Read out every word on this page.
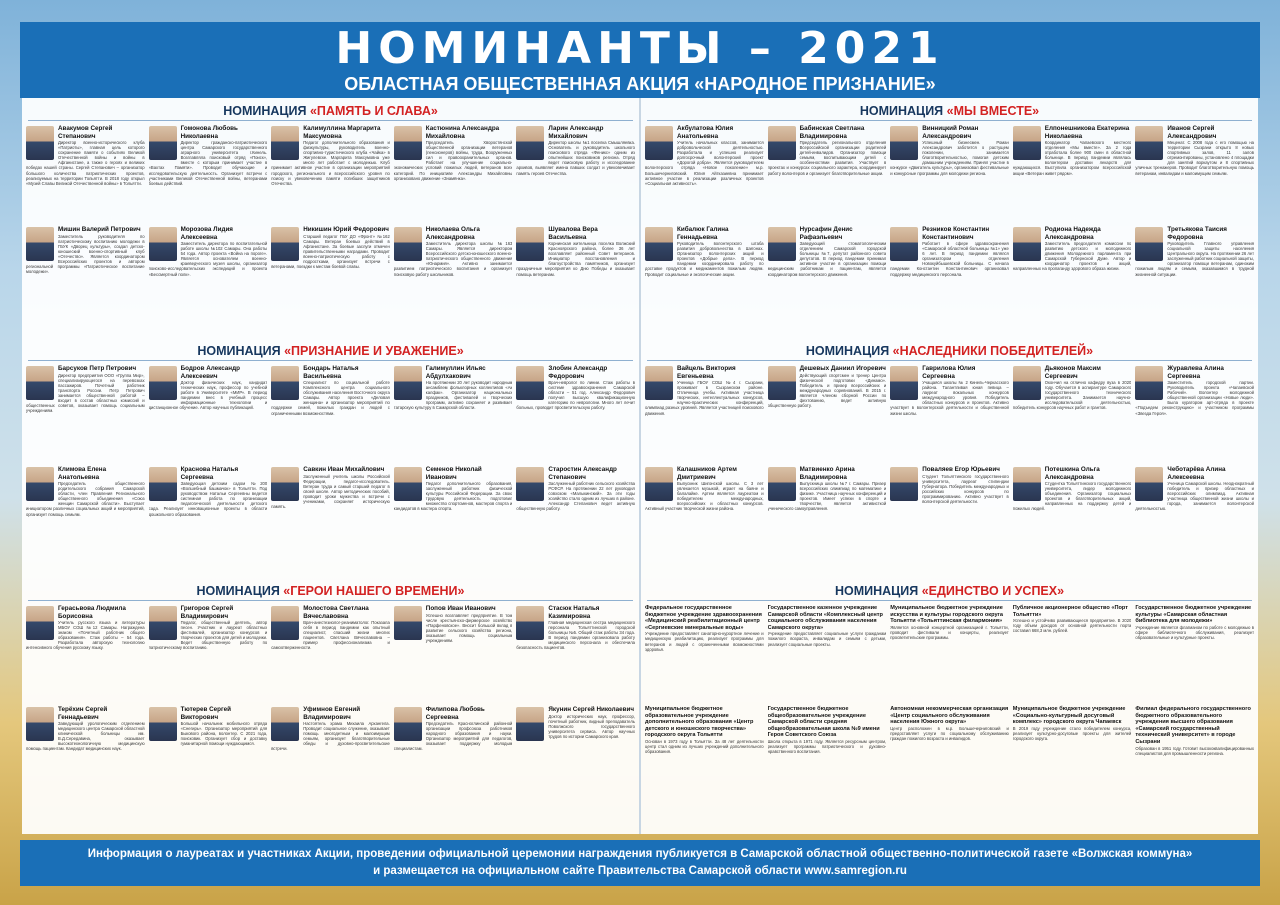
НОМИНАНТЫ – 2021
ОБЛАСТНАЯ ОБЩЕСТВЕННАЯ АКЦИЯ «НАРОДНОЕ ПРИЗНАНИЕ»
НОМИНАЦИЯ «ПАМЯТЬ И СЛАВА»
Авакумов Сергей Степанович
Директор военно-исторического клуба «Патриоты», главная цель которого сохранение памяти о событиях Великой Отечественной войны и войны в Афганистане, а также о героях и великих победах нашей страны. Сергей Степанович – организатор большого количества патриотических проектов, реализуемых на территории Тольятти. В 2018 году открыл «Музей Славы Великой Отечественной войны» в Тольятти.
Гомонова Любовь Николаевна
Директор гражданско-патриотического центра Самарского государственного аграрного университета г.Кинель. Возглавляла поисковый отряд «Поиск», вместе с которым принимает участие в «Вахтах Памяти». Проводит обучающие и исследовательскую деятельность. Организует встречи с участниками Великой Отечественной войны, ветеранами боевых действий.
Калимуллина Маргарита Максумовна
Педагог дополнительного образования и физкультуры, руководитель военно-спортивно-туристического клуба «Чайка» в Жигулевске. Маргарита Максумовна уже много лет работает с молодежью. Клуб принимает активное участие в организации мероприятий городского, регионального и всероссийского уровня по поиску и увековечению памяти погибших защитников Отечества.
Кастюнина Александра Михайловна
Председатель Хворостянской общественной организации ветеранов (пенсионеров) войны, труда, Вооруженных сил и правоохранительных органов. Работает на улучшение социально-экономических условий пожилых людей, ветеранов всех категорий. По инициативе Александры Михайловны организовано движение «Знамёнка».
Ларин Александр Михайлович
Директор школы №1 поселка Смышляевка. Основатель и руководитель школьного поискового отряда «Феникс» одним из опытнейших поисковиков региона. Отряд ведет поисковую работу и исследование архивов, выявляет имена павших солдат и увековечивает память героев Отечества.
НОМИНАЦИЯ «МЫ ВМЕСТЕ»
Акбулатова Юлия Анатольевна
Учитель начальных классов, занимается добровольческой деятельностью. Разработала и успешно реализует долгосрочный волонтерский проект «Дорогой добра». Является руководителем волонтерского отряда «Новое поколение» м.р. Большечерниговский. Юлия Айтказиевна принимает активное участие в реализации различных проектов «Социальная активность».
Бабинская Светлана Владимировна
Председатель регионального отделения Всероссийской организации родителей детей-инвалидов. Организатор помощи семьям, воспитывающим детей с особенностями развития. Участвует в проектах и конкурсах социального характера, координирует работу волонтеров и организует благотворительные акции.
Винницкий Роман Александрович
Успешный бизнесмен. Роман Александрович заботится о растущем поколении, занимается благотворительностью, помогая детским домашним учреждениям. Принял участие в конкурсе «Двигатель культуры», организовал фестивальные и конкурсные программы для молодежи региона.
Елпонешникова Екатерина Николаевна
Координатор Чапаевского местного отделения «Мы вместе». За 2 года отработала более 900 смен в областной больнице. В период пандемии являлась волонтером доставки лекарств для нуждающихся. Выступила организатором всероссийской акции «Ветеран живет рядом».
Иванов Сергей Александрович
Меценат. С 2008 года с его помощью на территории Сызрани открыто 8 новых спортивных залов, 11 залов отремонтированы, установлено 4 площадки для занятий воркаутом и 8 спортивных уличных тренажеров. Проводит благотворительную помощь ветеранам, инвалидам и малоимущим семьям.
Мишин Валерий Петрович
Заместитель руководителя по патриотическому воспитанию молодежи в ГБУК «Дворец культуры», создал детско-юношеский военно-спортивный клуб «Отечество». Является координатором Всероссийских проектов и автором региональной программы «Патриотическое воспитание молодежи».
Морозова Лидия Алексеевна
Заместитель директора по воспитательной работе школы №102 Самары. Она работы 54 года. Автор проекта «Война на пороге». Является основателем военно-краеведческого музея школы, организатор поисково-исследовательских экспедиций и проекта «Бессмертный полк».
Никишин Юрий Федорович
Старший педагог ГБУ ДО «Фронт» №162 Самары. Ветеран боевых действий в Афганистане. За боевые заслуги отмечен правительственными наградами. Проводит военно-патриотическую работу с подростками, организует встречи с ветеранами, поездки к местам боевой славы.
Николаева Ольга Александровна
Заместитель директора школы №163 Самары. Является директором Всероссийского детско-юношеского военно-патриотического общественного движения «Юнармия». Активно занимается развитием патриотического воспитания и организует поисковую работу школьников.
Шувалова Вера Васильевна
Корнинская жительница поселка Волжский Красноярского района, более 36 лет возглавляет районный Совет ветеранов. Инициатор восстановления и благоустройства памятников, организует праздничные мероприятия ко Дню Победы и оказывает помощь ветеранам.
Кибалюк Галина Геннадьевна
Руководитель волонтерского штаба развития добровольчества в Шигонах. Организатор волонтерских акций и проектов «Добрые дела». В период пандемии координировала работу по доставке продуктов и медикаментов пожилым людям. Проводит социальные и экологические акции.
Нурсафин Денис Рафаэльевич
Заведующий стоматологическим отделением Самарской городской больницы №7, депутат районного совета депутатов. В период пандемии принимал активное участие в организации помощи медицинским работникам и пациентам, является координатором волонтерского движения.
Резников Константин Константинович
Работает в сфере здравоохранения «Самарской областной больницы №1» уже 6 лет. В период пандемии являлся организатором отделения Новокуйбышевской больницы. С начала пандемии Константин Константинович организовал поддержку медицинского персонала.
Родиона Надежда Александровна
Заместитель председателя комиссии по развитию детского и молодежного движения Молодежного парламента при Самарской Губернской Думе. Автор и координатор проектов и акций, направленных на пропаганду здорового образа жизни.
Третьякова Таисия Федоровна
Руководитель Главного управления социальной защиты населения Центрального округа. На протяжении 26 лет заслуженный работник социальной защиты, организатор помощи ветеранам, одиноким пожилым людям и семьям, оказавшимся в трудной жизненной ситуации.
НОМИНАЦИЯ «ПРИЗНАНИЕ И УВАЖЕНИЕ»
Барсуков Петр Петрович
Директор предприятия ООО «Группа Мир», специализирующегося на перевозках пассажиров. Почетный работник транспорта России. Петр Петрович занимается общественной работой – входит в состав областных комиссий и общественных советов, оказывает помощь социальным учреждениям.
Бодров Александр Алексеевич
Доктор физических наук, кандидат технических наук, профессор по учебной работе в Университете «МИР». В период пандемии внес в учебный процесс информационные технологии и дистанционное обучение. Автор научных публикаций.
Бондарь Наталья Васильевна
Специалист по социальной работе Комплексного центра социального обслуживания населения Восточного округа Самары. Автор проекта «Деловая женщина» и организатор мероприятий по поддержке семей, пожилых граждан и людей с ограниченными возможностями.
Галимуллин Ильяс Абдулхакович
На протяжении 20 лет руководит народным ансамблем фольклорных коллективов «Ак калфак». Организатор национальных праздников, фестивалей и творческих программ, активно сохраняет и развивает татарскую культуру в Самарской области.
Злобин Александр Федорович
Врач-невролог по линии. Стаж работы в системе здравоохранения Самарской области – 51 год. Александр Федорович получил высшую квалификационную категорию по неврологии. Много лет лечит больных, проводит просветительскую работу.
НОМИНАЦИЯ «НАСЛЕДНИКИ ПОБЕДИТЕЛЕЙ»
Вайцель Виктория Евгеньевна
Ученица ГБОУ СОШ №4 г. Сызрани, проживает в Сызранском районе. Отличница учебы. Активная участница творческих, интеллектуальных конкурсов, научно-практических конференций, олимпиад разных уровней. Является участницей поискового движения.
Дешевых Даниил Игоревич
Действующий спортсмен и тренер Центра физической подготовки «Динамо». Победитель и призер всероссийских и международных соревнований. В 2015 г. является членом сборной России по фехтованию, ведет активную общественную работу.
Гаврилова Юлия Сергеевна
Учащаяся школы № 2 Кинель-Черкасского района. Талантливая юная певица – лауреат вокальных конкурсов международного уровня. Победитель областных конкурсов и проектов. Активно участвует в волонтерской деятельности и общественной жизни школы.
Дьяконов Максим Сергеевич
Окончил на отлично кафедру вуза в 2020 году. Обучается в аспирантуре Самарского государственного технического университета. Занимается научно-исследовательской деятельностью, победитель конкурсов научных работ и грантов.
Журавлева Алина Сергеевна
Заместитель городской партии. Руководитель проекта «Чапаевской Рабочий». Волонтер молодежной общественной организации «Новые люди». Была куратором арт-отряда в проекте «Подъедем реконструкцию» и участником программы «Звезда Героя».
Климова Елена Анатольевна
Председатель общественного родительского собрания Самарской области, член Правления Регионального общественного объединения «Союз женщин Самарской области». Выступает инициатором различных социальных акций и мероприятий, организует помощь семьям.
Краснова Наталья Сергеевна
Заведующая детским садом №200 «Волшебный башмачок» в Тольятти. Под руководством Натальи Сергеевны ведется системная работа по организации педагогической деятельности детского сада. Реализует инновационные проекты в области дошкольного образования.
Савкин Иван Михайлович
Заслуженный учитель школы Российской Федерации, педагог-исследователь. Ветеран труда и самый старший педагог в своей школе. Автор методических пособий, проводит уроки мужества и встречи с учениками, сохраняет историческую память.
Семенов Николай Иванович
Педагог дополнительного образования, заслуженный работник физической культуры Российской Федерации. За свою трудовую деятельность подготовил множество спортсменов, мастеров спорта и кандидатов в мастера спорта.
Старостин Александр Степанович
Заслуженный работник сельского хозяйства РСФСР. На протяжении 22 лет руководил совхозом «Малыкинский». За эти годы хозяйство стало одним из лучших в районе. Александр Степанович ведет активную общественную работу.
Калашников Артем Дмитриевич
Выпускник Шигонской школы. С 3 лет увлекается музыкой, играет на баяне и балалайке. Артем является лауреатом и победителем международных, всероссийских и областных конкурсов. Активный участник творческой жизни района.
Матвиенко Арина Владимировна
Выпускница школы №7 г. Самары. Призер всероссийских олимпиад по математике и физике. Участница научных конференций и проектов. Имеет успехи в спорте и творчестве, является активисткой ученического самоуправления.
Поваляев Егор Юрьевич
Студент Тольяттинского государственного университета, лауреат стипендии Губернатора. Победитель международных и российских конкурсов по программированию. Активно участвует в волонтерской деятельности.
Потешкина Ольга Александровна
Студентка Тольяттинского государственного университета, лидер молодежного объединения. Организатор социальных проектов и благотворительных акций, направленных на поддержку детей и пожилых людей.
Чеботарёва Алина Алексеевна
Ученица Самарской школы. Неоднократный победитель и призер областных и всероссийских олимпиад. Активная участница общественной жизни школы и города, занимается волонтерской деятельностью.
НОМИНАЦИЯ «ГЕРОИ НАШЕГО ВРЕМЕНИ»
Герасьвова Людмила Борисовна
Учитель русского языка и литературы МБОУ СОШ №12 Самары. Награждена знаком «Почетный работник общего образования». Стаж работы – 54 года. Разработала авторскую технологию интенсивного обучения русскому языку.
Григоров Сергей Владимирович
Педагог, общественный деятель, автор песен. Участник и лауреат областных фестивалей, организатор конкурсов и творческих проектов для детей и молодежи. Ведет общественную работу по патриотическому воспитанию.
Молостова Светлана Вячеславовна
Врач-анестезиолог-реаниматолог. Показала себя в период пандемии как опытный специалист, спасший жизни многих пациентов. Светлана Вячеславовна – пример профессионализма и самоотверженности.
Попов Иван Иванович
Успешно возглавляет предприятие. В том числе крестьянско-фермерское хозяйство «Парфеновское». Вносит большой вклад в развитие сельского хозяйства региона, оказывает помощь социальным учреждениям.
Стасюк Наталья Казимировна
Главная медицинская сестра медицинского персонала Тольяттинской городской больницы №5. Общий стаж работы 34 года. В период пандемии организовала работу медицинского персонала и обеспечила безопасность пациентов.
НОМИНАЦИЯ «ЕДИНСТВО И УСПЕХ»
Федеральное государственное бюджетное учреждение здравоохранения «Медицинский реабилитационный центр «Сергиевские минеральные воды»
Учреждение предоставляет санаторно-курортное лечение и медицинскую реабилитацию, реализует программы для ветеранов и людей с ограниченными возможностями здоровья.
Государственное казенное учреждение Самарской области «Комплексный центр социального обслуживания населения Самарского округа»
Учреждение предоставляет социальные услуги гражданам пожилого возраста, инвалидам и семьям с детьми, реализует социальные проекты.
Муниципальное бюджетное учреждение искусства и культуры городского округа Тольятти «Тольяттинская филармония»
Является основной концертной организацией г. Тольятти, проводит фестивали и концерты, реализует просветительские программы.
Публичное акционерное общество «Порт Тольятти»
Успешно и устойчиво развивающееся предприятие. В 2020 году объем доходов от основной деятельности порта составил 668,3 млн. рублей.
Государственное бюджетное учреждение культуры «Самарская областная библиотека для молодежи»
Учреждение является флагманом по работе с молодежью в сфере библиотечного обслуживания, реализует образовательные и культурные проекты.
Терёхин Сергей Геннадьевич
Заведующий урологическим отделением медицинского центра Самарской областной клинической больницы им. В.Д.Середавина, оказывает высокотехнологичную медицинскую помощь пациентам. Кандидат медицинских наук.
Тютерев Сергей Викторович
Большой начальник мобильного отряда «Снегирь». Организатор мероприятий для Быкового района, волонтер. С 2021 года, поисковик. Организует сбор и доставку гуманитарной помощи нуждающимся.
Уфимнов Евгений Владимирович
Настоятель храма Михаила Архангела. Проводит социальное служение, оказывает помощь многодетным и малоимущим семьям, организует благотворительные обеды и духовно-просветительские встречи.
Филипова Любовь Сергеевна
Председатель Красноглинской районной организации профсоюза работников народного образования и науки. Организатор мероприятий для педагогов, оказывает поддержку молодым специалистам.
Якунин Сергей Николаевич
Доктор исторических наук, профессор, почетный работник, видный преподаватель Поволжского государственного университета сервиса. Автор научных трудов по истории Самарского края.
Муниципальное бюджетное образовательное учреждение дополнительного образования «Центр детского и юношеского творчества» городского округа Тольятти
Основан в 1973 году в Тольятти. За 48 лет деятельности центр стал одним из лучших учреждений дополнительного образования.
Государственное бюджетное общеобразовательное учреждение Самарской области средняя общеобразовательная школа №9 имени Героя Советского Союза
Школа открыта в 1971 году. Является ресурсным центром, реализует программы патриотического и духовно-нравственного воспитания.
Автономная некоммерческая организация «Центр социального обслуживания населения Южного округа»
Центр расположен в м.р. Большечерниговский и предоставляет услуги по социальному обслуживанию граждан пожилого возраста и инвалидов.
Муниципальное бюджетное учреждение «Социально-культурный досуговый комплекс» городского округа Чапаевск
В 2019 году учреждение стало победителем конкурса, реализует культурно-досуговые проекты для жителей городского округа.
Филиал федерального государственного бюджетного образовательного учреждения высшего образования «Самарский государственный технический университет» в городе Сызрани
Образован в 1951 году. Готовит высококвалифицированных специалистов для промышленности региона.
Информация о лауреатах и участниках Акции, проведении официальной церемонии награждения публикуется в Самарской областной общественно-политической газете «Волжская коммуна»
и размещается на официальном сайте Правительства Самарской области www.samregion.ru
